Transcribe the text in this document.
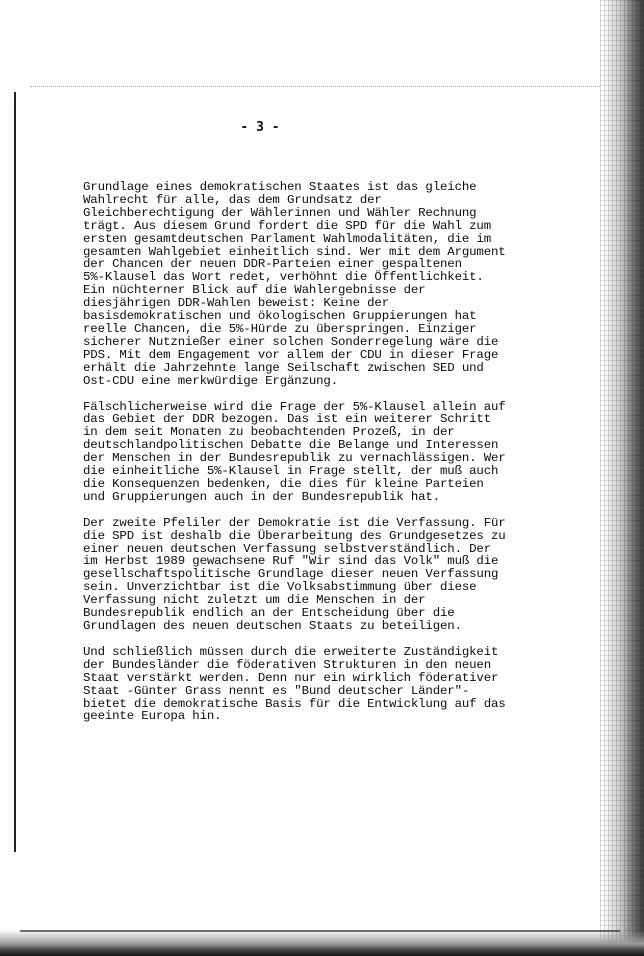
- 3 -
Grundlage eines demokratischen Staates ist das gleiche
Wahlrecht für alle, das dem Grundsatz der
Gleichberechtigung der Wählerinnen und Wähler Rechnung
trägt. Aus diesem Grund fordert die SPD für die Wahl zum
ersten gesamtdeutschen Parlament Wahlmodalitäten, die im
gesamten Wahlgebiet einheitlich sind. Wer mit dem Argument
der Chancen der neuen DDR-Parteien einer gespaltenen
5%-Klausel das Wort redet, verhöhnt die Öffentlichkeit.
Ein nüchterner Blick auf die Wahlergebnisse der
diesjährigen DDR-Wahlen beweist: Keine der
basisdemokratischen und ökologischen Gruppierungen hat
reelle Chancen, die 5%-Hürde zu überspringen. Einziger
sicherer Nutznießer einer solchen Sonderregelung wäre die
PDS. Mit dem Engagement vor allem der CDU in dieser Frage
erhält die Jahrzehnte lange Seilschaft zwischen SED und
Ost-CDU eine merkwürdige Ergänzung.
Fälschlicherweise wird die Frage der 5%-Klausel allein auf
das Gebiet der DDR bezogen. Das ist ein weiterer Schritt
in dem seit Monaten zu beobachtenden Prozeß, in der
deutschlandpolitischen Debatte die Belange und Interessen
der Menschen in der Bundesrepublik zu vernachlässigen. Wer
die einheitliche 5%-Klausel in Frage stellt, der muß auch
die Konsequenzen bedenken, die dies für kleine Parteien
und Gruppierungen auch in der Bundesrepublik hat.
Der zweite Pfeliler der Demokratie ist die Verfassung. Für
die SPD ist deshalb die Überarbeitung des Grundgesetzes zu
einer neuen deutschen Verfassung selbstverständlich. Der
im Herbst 1989 gewachsene Ruf "Wir sind das Volk" muß die
gesellschaftspolitische Grundlage dieser neuen Verfassung
sein. Unverzichtbar ist die Volksabstimmung über diese
Verfassung nicht zuletzt um die Menschen in der
Bundesrepublik endlich an der Entscheidung über die
Grundlagen des neuen deutschen Staats zu beteiligen.
Und schließlich müssen durch die erweiterte Zuständigkeit
der Bundesländer die föderativen Strukturen in den neuen
Staat verstärkt werden. Denn nur ein wirklich föderativer
Staat -Günter Grass nennt es "Bund deutscher Länder"-
bietet die demokratische Basis für die Entwicklung auf das
geeinte Europa hin.
